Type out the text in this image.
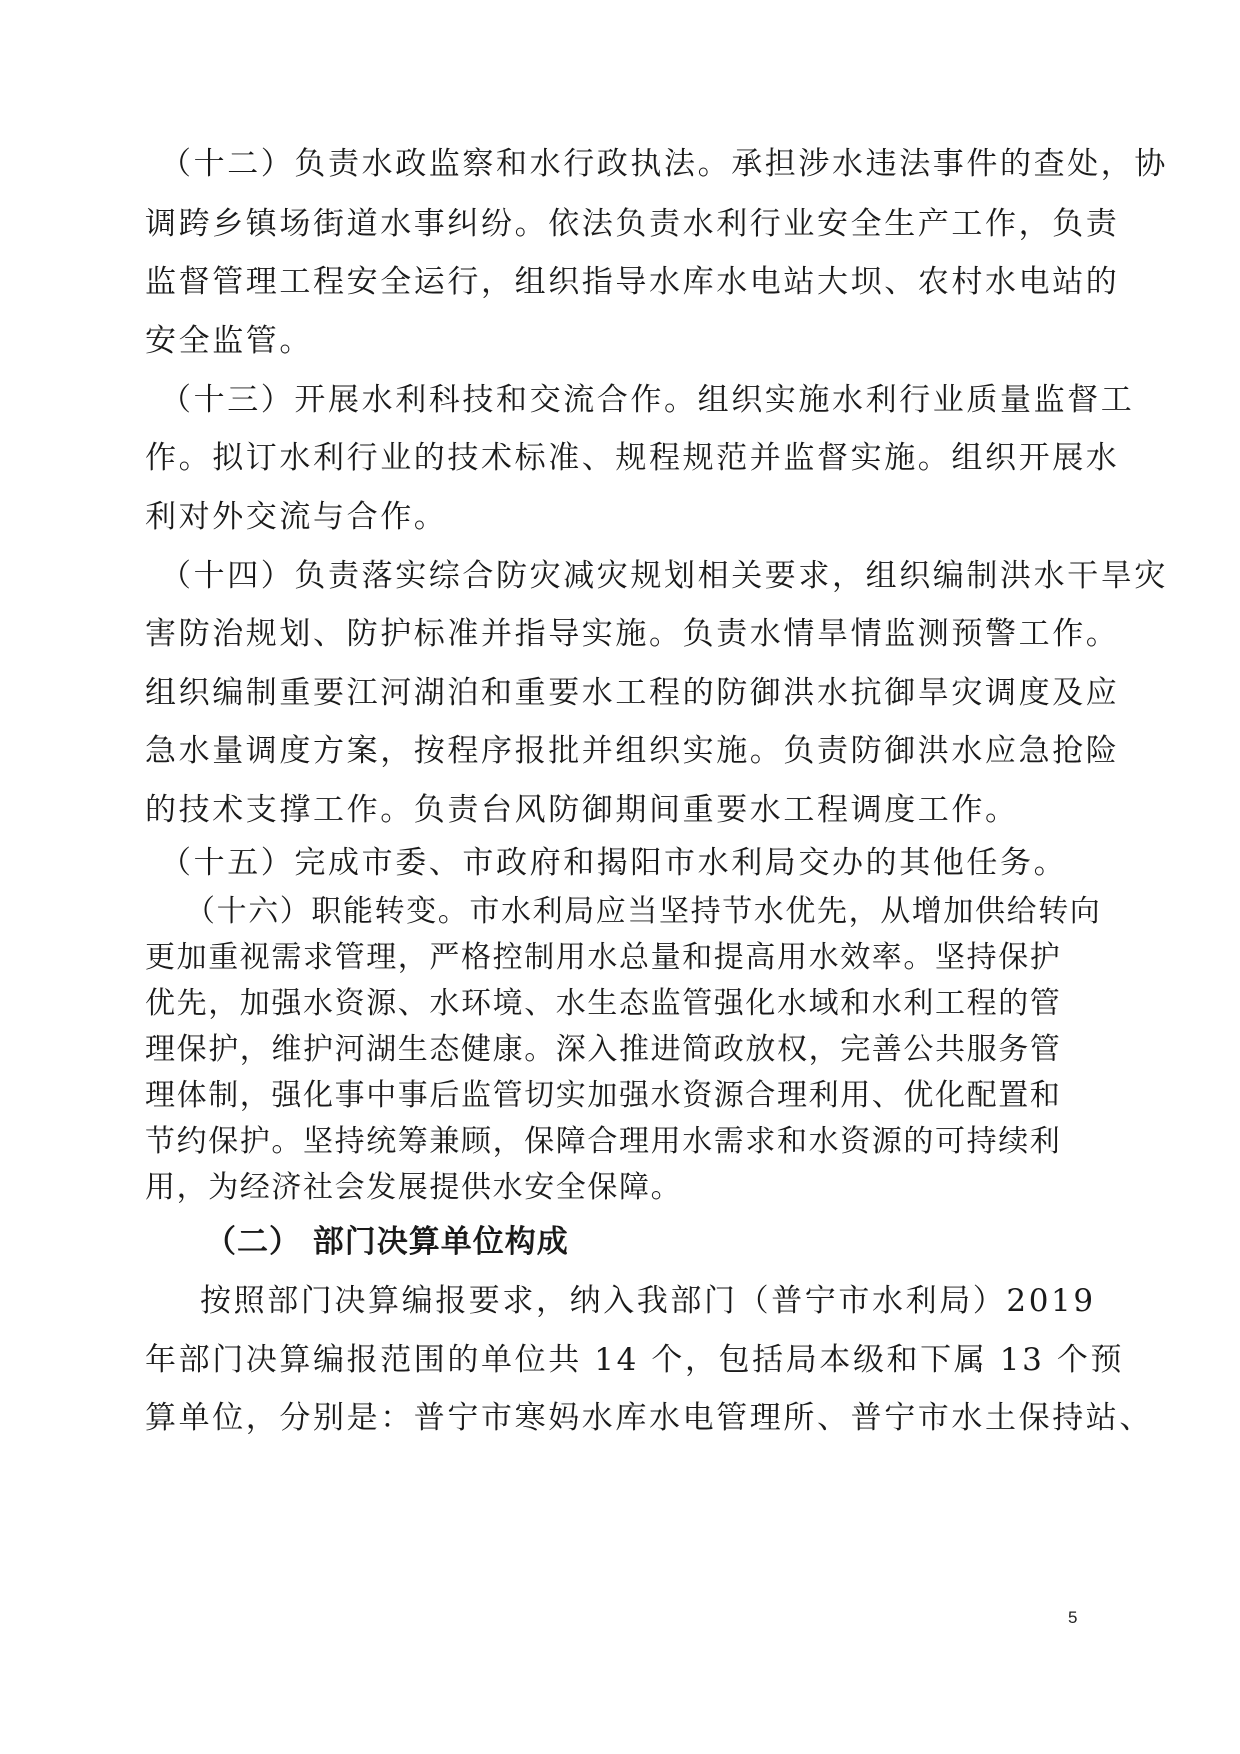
（十二）负责水政监察和水行政执法。承担涉水违法事件的查处，协

调跨乡镇场街道水事纠纷。依法负责水利行业安全生产工作，负责

监督管理工程安全运行，组织指导水库水电站大坝、农村水电站的

安全监管。

（十三）开展水利科技和交流合作。组织实施水利行业质量监督工

作。拟订水利行业的技术标准、规程规范并监督实施。组织开展水

利对外交流与合作。

（十四）负责落实综合防灾减灾规划相关要求，组织编制洪水干旱灾

害防治规划、防护标准并指导实施。负责水情旱情监测预警工作。

组织编制重要江河湖泊和重要水工程的防御洪水抗御旱灾调度及应

急水量调度方案，按程序报批并组织实施。负责防御洪水应急抢险

的技术支撑工作。负责台风防御期间重要水工程调度工作。

（十五）完成市委、市政府和揭阳市水利局交办的其他任务。

（十六）职能转变。市水利局应当坚持节水优先，从增加供给转向

更加重视需求管理，严格控制用水总量和提高用水效率。坚持保护

优先，加强水资源、水环境、水生态监管强化水域和水利工程的管

理保护，维护河湖生态健康。深入推进简政放权，完善公共服务管

理体制，强化事中事后监管切实加强水资源合理利用、优化配置和

节约保护。坚持统筹兼顾，保障合理用水需求和水资源的可持续利

用，为经济社会发展提供水安全保障。

（二） 部门决算单位构成

按照部门决算编报要求，纳入我部门（普宁市水利局）2019

年部门决算编报范围的单位共 14 个，包括局本级和下属 13 个预

算单位，分别是：普宁市寒妈水库水电管理所、普宁市水土保持站、

5
